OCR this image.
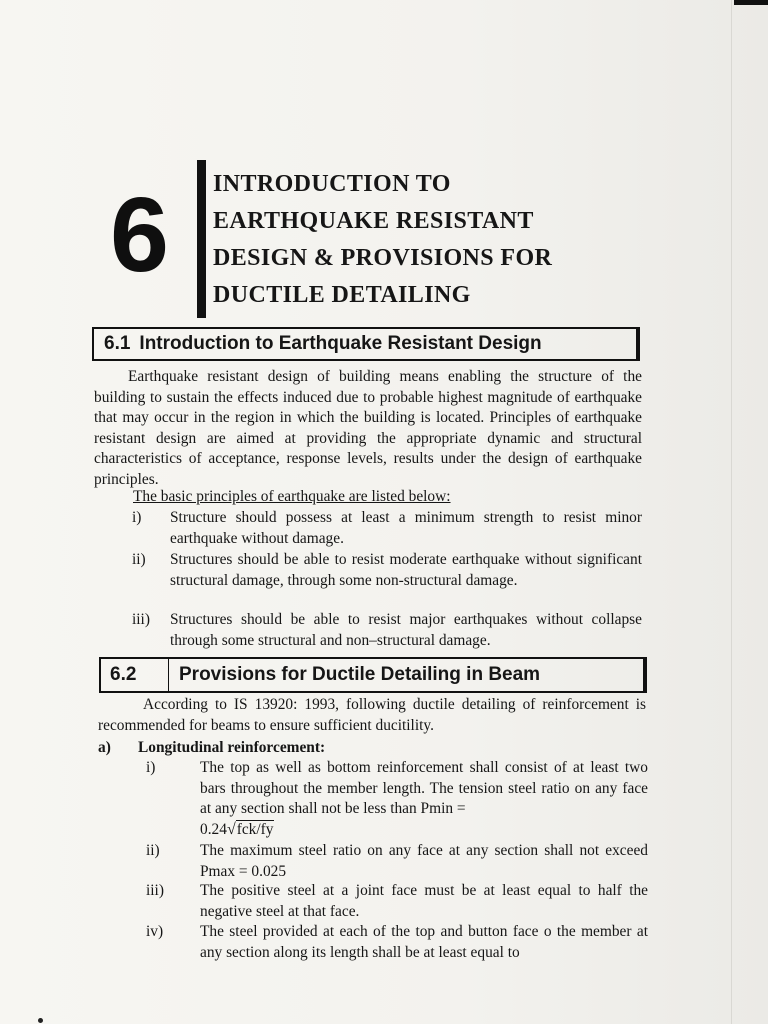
6 INTRODUCTION TO
EARTHQUAKE RESISTANT
DESIGN & PROVISIONS FOR
DUCTILE DETAILING
6.1 Introduction to Earthquake Resistant Design
Earthquake resistant design of building means enabling the structure of the building to sustain the effects induced due to probable highest magnitude of earthquake that may occur in the region in which the building is located. Principles of earthquake resistant design are aimed at providing the appropriate dynamic and structural characteristics of acceptance, response levels, results under the design of earthquake principles.
The basic principles of earthquake are listed below:
i) Structure should possess at least a minimum strength to resist minor earthquake without damage.
ii) Structures should be able to resist moderate earthquake without significant structural damage, through some non-structural damage.
iii) Structures should be able to resist major earthquakes without collapse through some structural and non–structural damage.
6.2	Provisions for Ductile Detailing in Beam
According to IS 13920: 1993, following ductile detailing of reinforcement is recommended for beams to ensure sufficient ducitility.
a) Longitudinal reinforcement:
i)	The top as well as bottom reinforcement shall consist of at least two bars throughout the member length. The tension steel ratio on any face at any section shall not be less than Pmin =
0.24√fck/fy
ii)	The maximum steel ratio on any face at any section shall not exceed Pmax = 0.025
iii) The positive steel at a joint face must be at least equal to half the negative steel at that face.
iv) The steel provided at each of the top and button face o the member at any section along its length shall be at least equal to
